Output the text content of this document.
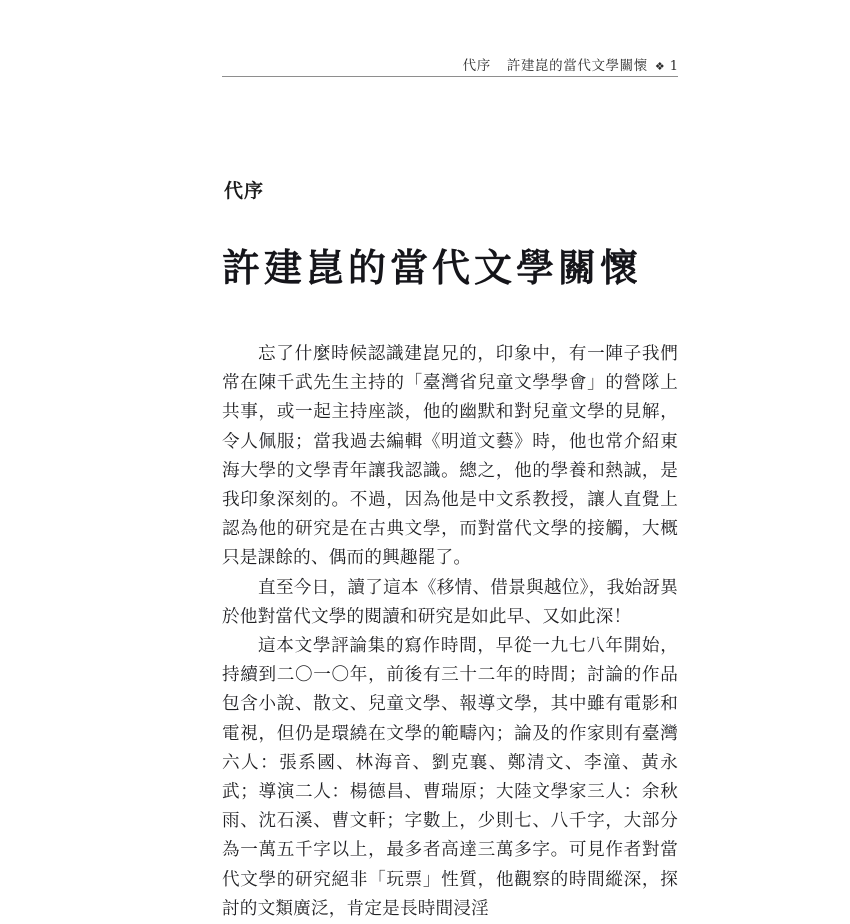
代序 許建崑的當代文學關懷 ❖ 1
代序
許建崑的當代文學關懷

忘了什麼時候認識建崑兄的，印象中，有一陣子我們常在陳千武先生主持的「臺灣省兒童文學學會」的營隊上共事，或一起主持座談，他的幽默和對兒童文學的見解，令人佩服；當我過去編輯《明道文藝》時，他也常介紹東海大學的文學青年讓我認識。總之，他的學養和熱誠，是我印象深刻的。不過，因為他是中文系教授，讓人直覺上認為他的研究是在古典文學，而對當代文學的接觸，大概只是課餘的、偶而的興趣罷了。

直至今日，讀了這本《移情、借景與越位》，我始訝異於他對當代文學的閱讀和研究是如此早、又如此深！

這本文學評論集的寫作時間，早從一九七八年開始，持續到二〇一〇年，前後有三十二年的時間；討論的作品包含小說、散文、兒童文學、報導文學，其中雖有電影和電視，但仍是環繞在文學的範疇內；論及的作家則有臺灣六人：張系國、林海音、劉克襄、鄭清文、李潼、黃永武；導演二人：楊德昌、曹瑞原；大陸文學家三人：余秋雨、沈石溪、曹文軒；字數上，少則七、八千字，大部分為一萬五千字以上，最多者高達三萬多字。可見作者對當代文學的研究絕非「玩票」性質，他觀察的時間縱深，探討的文類廣泛，肯定是長時間浸淫
